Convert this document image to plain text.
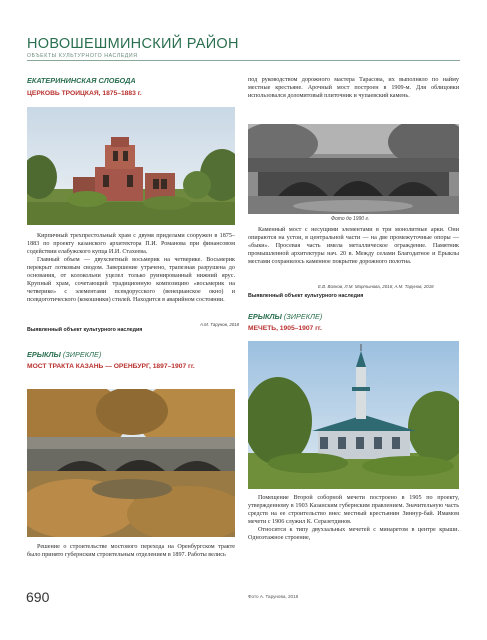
НОВОШЕШМИНСКИЙ РАЙОН
ОБЪЕКТЫ КУЛЬТУРНОГО НАСЛЕДИЯ
ЕКАТЕРИНИНСКАЯ СЛОБОДА
ЦЕРКОВЬ ТРОИЦКАЯ, 1875–1883 г.

Кирпичный трехпрестольный храм с двумя приделами сооружен в 1875–1883 по проекту казанского архитектора П.И. Романова при финансовом содействии елабужского купца И.И. Стахеева.

Главный объем — двухсветный восьмерик на четверике. Восьмерик перекрыт лотковым сводом. Завершение утрачено, трапезная разрушена до основания, от колокольни уцелел только руинированный нижний ярус. Крупный храм, сочетающий традиционную композицию «восьмерик на четверике» с элементами псевдорусского (венецианское окно) и псевдоготического (кокошники) стилей. Находится в аварийном состоянии.

А.М. Тарунов, 2018
Выявленный объект культурного наследия

под руководством дорожного мастера Тарасова, их выполняло по найму местные крестьяне. Арочный мост построен в 1909-м. Для облицовки использовался доломитовый плиточник и чупаевский камень.

Фото до 1990 г.

Каменный мост с несущими элементами в три монолитные арки. Они опираются на устои, в центральной части — на две промежуточные опоры — «быки». Просевая часть имела металлическое ограждение. Памятник промышленной архитектуры нач. 20 в. Между селами Благодатное и Ерыклы местами сохранилось каменное покрытие дорожного полотна.

Е.В. Волков, Л.М. Мартынова, 2016; А.М. Тарунов, 2018
Выявленный объект культурного наследия
ЕРЫКЛЫ (ЗИРЕКЛЕ)
МЕЧЕТЬ, 1905–1907 гг.
ЕРЫКЛЫ (ЗИРЕКЛЕ)
МОСТ ТРАКТА КАЗАНЬ — ОРЕНБУРГ, 1897–1907 гг.

Решение о строительстве мостового перехода на Оренбургском тракте было принято губернским строительным отделением в 1897. Работы велись

Помещение Второй соборной мечети построено в 1905 по проекту, утвержденному в 1903 Казанским губернским правлением. Значительную часть средств на ее строительство внес местный крестьянин Зиннур-бай. Имамом мечети с 1906 служил К. Серазетдинов.

Относится к типу двухзальных мечетей с минаретом в центре крыши. Одноэтажное строение,

690	Фото А. Тарунова, 2018
